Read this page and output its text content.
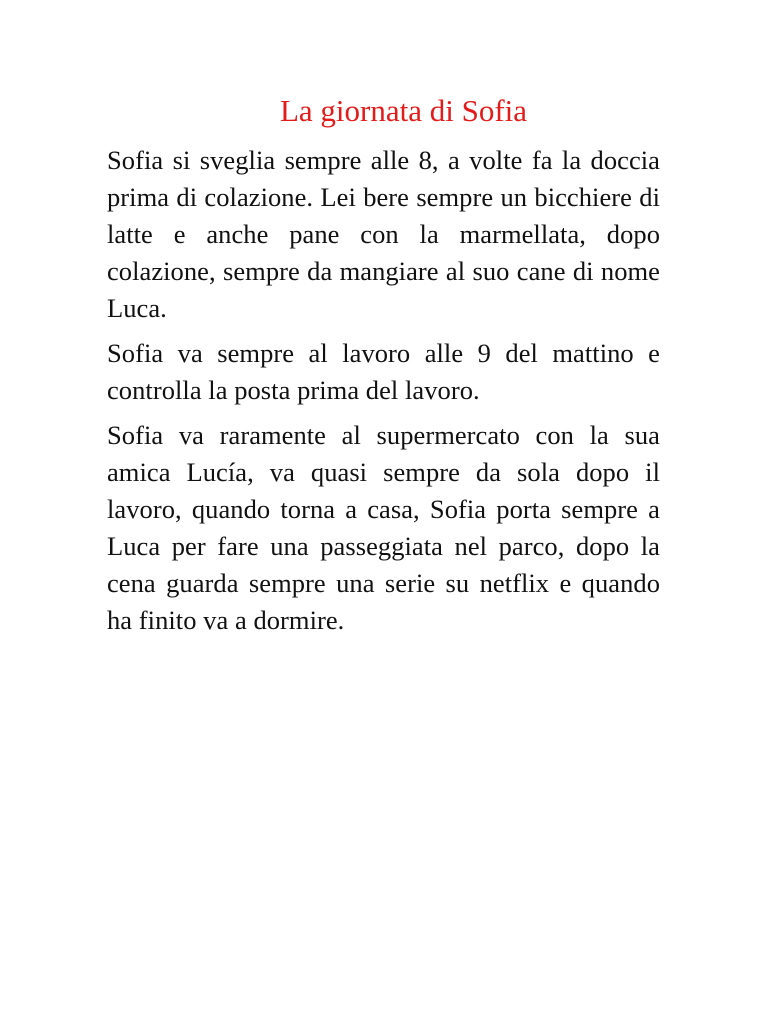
La giornata di Sofia

Sofia si sveglia sempre alle 8, a volte fa la doccia prima di colazione. Lei bere sempre un bicchiere di latte e anche pane con la marmellata, dopo colazione, sempre da mangiare al suo cane di nome Luca.

Sofia va sempre al lavoro alle 9 del mattino e controlla la posta prima del lavoro.

Sofia va raramente al supermercato con la sua amica Lucía, va quasi sempre da sola dopo il lavoro, quando torna a casa, Sofia porta sempre a Luca per fare una passeggiata nel parco, dopo la cena guarda sempre una serie su netflix e quando ha finito va a dormire.
